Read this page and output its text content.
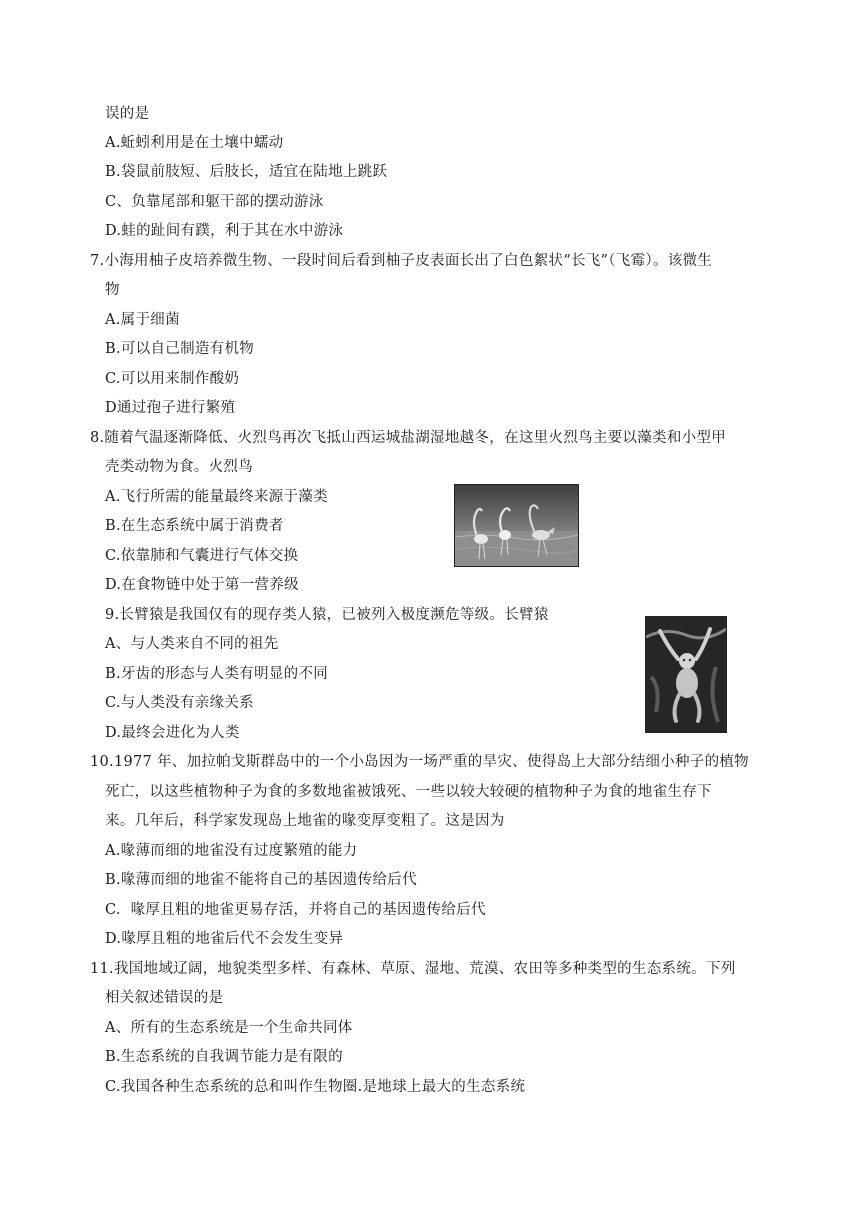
误的是
A.蚯蚓利用是在土壤中蠕动
B.袋鼠前肢短、后肢长，适宜在陆地上跳跃
C、负靠尾部和躯干部的摆动游泳
D.蛙的趾间有蹼，利于其在水中游泳
7.小海用柚子皮培养微生物、一段时间后看到柚子皮表面长出了白色絮状“长飞”（飞霉）。该微生
物
A.属于细菌
B.可以自己制造有机物
C.可以用来制作酸奶
D通过孢子进行繁殖
8.随着气温逐渐降低、火烈鸟再次飞抵山西运城盐湖湿地越冬，在这里火烈鸟主要以藻类和小型甲
壳类动物为食。火烈鸟
A.飞行所需的能量最终来源于藻类
B.在生态系统中属于消费者
C.依靠肺和气囊进行气体交换
D.在食物链中处于第一营养级
9.长臂猿是我国仅有的现存类人猿，已被列入极度濒危等级。长臂猿
A、与人类来自不同的祖先
B.牙齿的形态与人类有明显的不同
C.与人类没有亲缘关系
D.最终会进化为人类
10.1977 年、加拉帕戈斯群岛中的一个小岛因为一场严重的旱灾、使得岛上大部分结细小种子的植物
死亡，以这些植物种子为食的多数地雀被饿死、一些以较大较硬的植物种子为食的地雀生存下
来。几年后，科学家发现岛上地雀的喙变厚变粗了。这是因为
A.喙薄而细的地雀没有过度繁殖的能力
B.喙薄而细的地雀不能将自己的基因遗传给后代
C.  喙厚且粗的地雀更易存活，并将自己的基因遗传给后代
D.喙厚且粗的地雀后代不会发生变异
11.我国地域辽阔，地貌类型多样、有森林、草原、湿地、荒漠、农田等多种类型的生态系统。下列
相关叙述错误的是
A、所有的生态系统是一个生命共同体
B.生态系统的自我调节能力是有限的
C.我国各种生态系统的总和叫作生物圈.是地球上最大的生态系统
